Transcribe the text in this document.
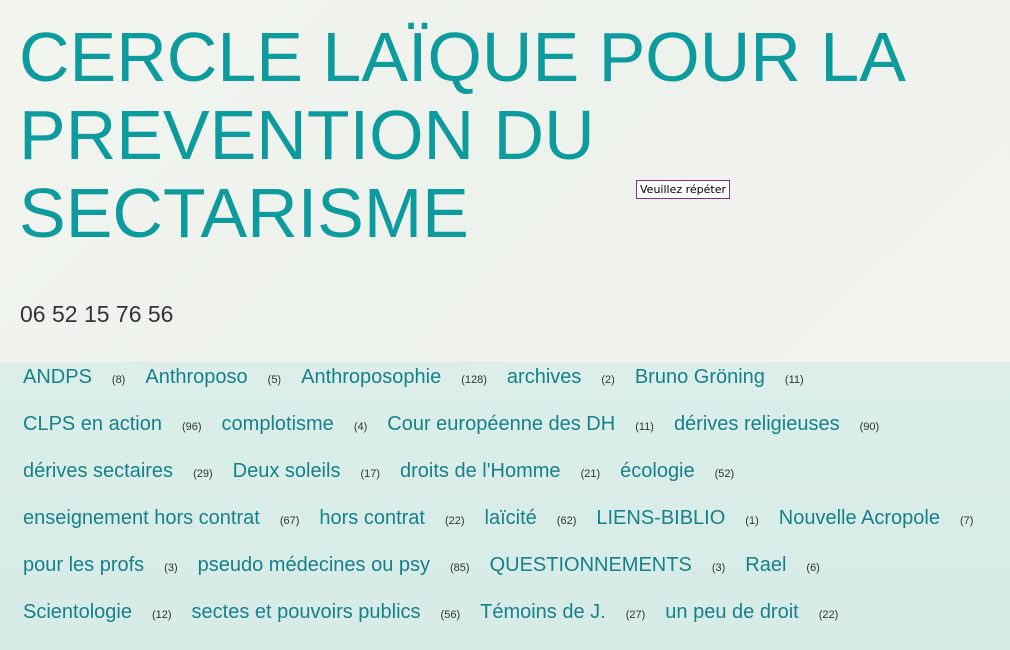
CERCLE LAÏQUE POUR LA PREVENTION DU SECTARISME	Veuillez répéter
06 52 15 76 56
ANDPS (8) Anthroposo (5) Anthroposophie (128) archives (2) Bruno Gröning (11)
CLPS en action (96) complotisme (4) Cour européenne des DH (11) dérives religieuses (90)
dérives sectaires (29) Deux soleils (17) droits de l'Homme (21) écologie (52)
enseignement hors contrat (67) hors contrat (22) laïcité (62) LIENS-BIBLIO (1) Nouvelle Acropole (7)
pour les profs (3) pseudo médecines ou psy (85) QUESTIONNEMENTS (3) Rael (6)
Scientologie (12) sectes et pouvoirs publics (56) Témoins de J. (27) un peu de droit (22)
